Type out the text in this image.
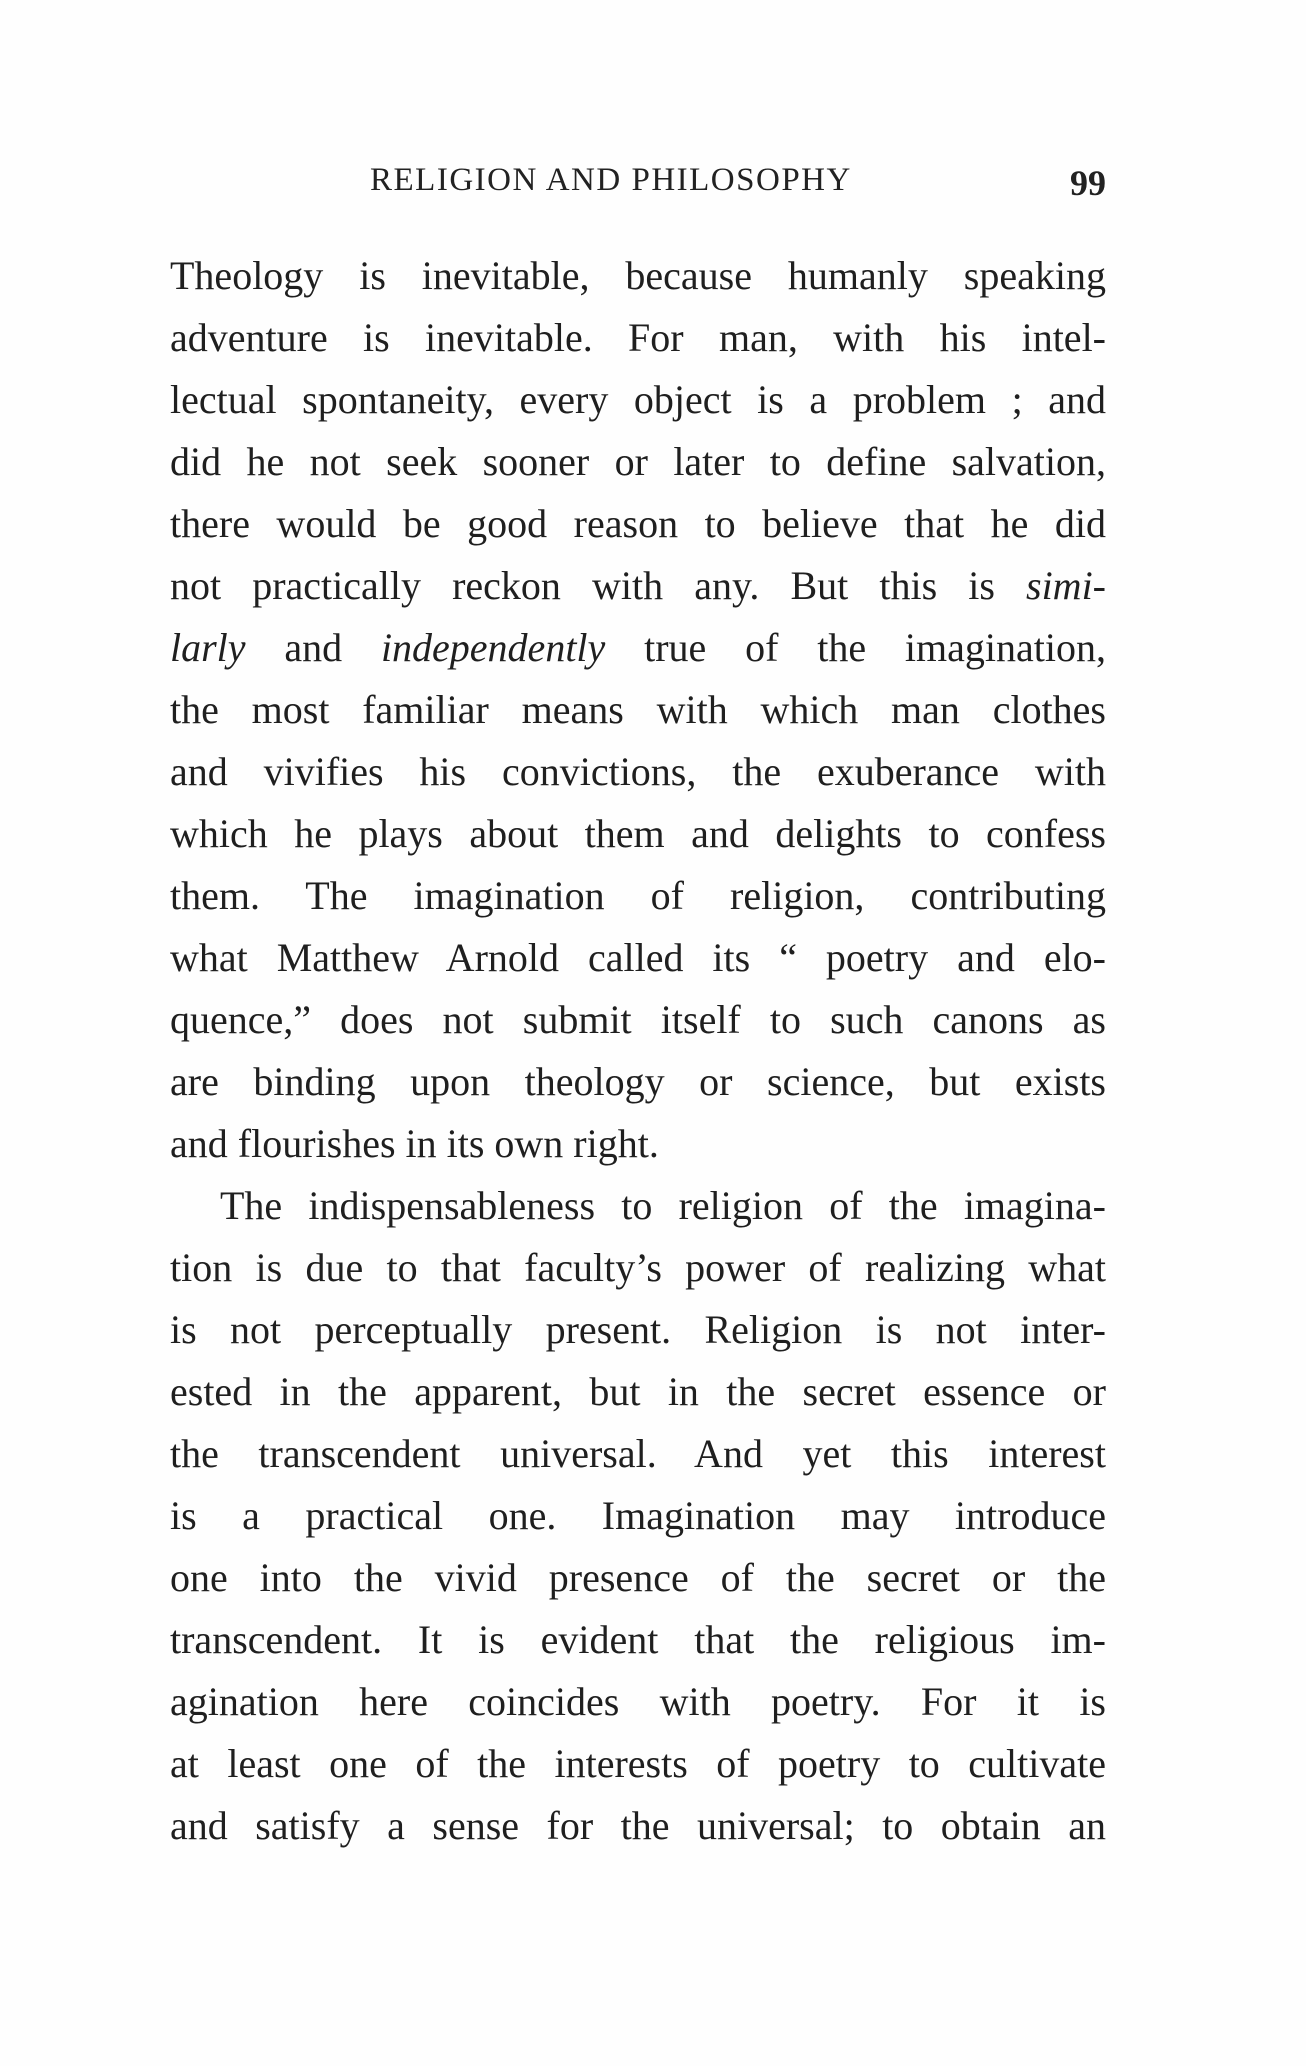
RELIGION AND PHILOSOPHY	99
Theology is inevitable, because humanly speaking
adventure is inevitable. For man, with his intel-
lectual spontaneity, every object is a problem ; and
did he not seek sooner or later to define salvation,
there would be good reason to believe that he did
not practically reckon with any. But this is simi-
larly and independently true of the imagination,
the most familiar means with which man clothes
and vivifies his convictions, the exuberance with
which he plays about them and delights to confess
them. The imagination of religion, contributing
what Matthew Arnold called its “ poetry and elo-
quence,” does not submit itself to such canons as
are binding upon theology or science, but exists
and flourishes in its own right.
The indispensableness to religion of the imagina-
tion is due to that faculty’s power of realizing what
is not perceptually present. Religion is not inter-
ested in the apparent, but in the secret essence or
the transcendent universal. And yet this interest
is a practical one. Imagination may introduce
one into the vivid presence of the secret or the
transcendent. It is evident that the religious im-
agination here coincides with poetry. For it is
at least one of the interests of poetry to cultivate
and satisfy a sense for the universal; to obtain an
